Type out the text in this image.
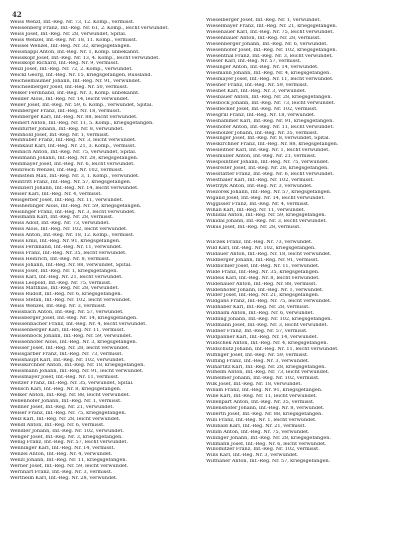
42

Weiss Wenzl, Inf.-Reg. Nr. 73, 12. Komp., vermisst.

Welssenberg Franz, Inf.-Reg. Nr. 61, 2. Komp., leicht verwundet.

Weiss Josef, Inf.-Reg. Nr. 28, verwundet, Spital.

Weiss Wenzel, Inf.-Reg. Nr. 18, 11. Komp., vermisst.

Weissel Wenzel, Inf.-Reg. Nr. 32, kriegsgefangen.

Weisshappl Anton, Inf.-Reg. Nr. 1, Komp. unbekannt.

Weisskopf Josef, Inf.-Reg. Nr. 13, 4. Komp., leicht verwundet.

Weisskopf Richard, Inf.-Reg. Nr. 9, vermisst.

Weizl Josef, Inf.-Reg. Nr. 72, 2. Komp., verwundet.

Weickl Georg, Inf.-Reg. Nr. 15, kriegsgefangen, Russland.

Weichselbaumer Johann, Inf.-Reg. Nr. 91, verwundet.

Weichselberger Josef, Inf.-Reg. Nr. 50, vermisst.

Welker Ferdinand, Inf.-Reg. Nr. 3, Komp. unbekannt.

Weilder Alois, Inf.-Reg. Nr. 14, leicht verwundet.

Weiler Josef, Inf.-Reg. Nr. 59, 6. Komp., verwundet, Spital.

Weinberger Franz, Inf.-Reg. Nr. 18, vermisst.

Weinberger Karl, Inf.-Reg. Nr. 88, leicht verwundet.

Weinert Anton, Inf.-Reg. Nr. 11, 5. Komp., kriegsgefangen.

Weinfurter Johann, Inf.-Reg. Nr. 8, verwundet.

Weinhold Josef, Inf.-Reg. Nr. 1, vermisst.

Weinhuber Franz, Inf.-Reg. Nr. 3, leicht verwundet.

Weinkauf Karl, Inf.-Reg. Nr. 21, 3. Komp., vermisst.

Weinlich Anton, Inf.-Reg. Nr. 75, verwundet, Spital.

Weinmann Johann, Inf.-Reg. Nr. 28, kriegsgefangen.

Weinmayer Josef, Inf.-Reg. Nr. 6, leicht verwundet.

Weinreich Wenzel, Inf.-Reg. Nr. 102, vermisst.

Weinstein Max, Inf.-Reg. Nr. 3, 1. Komp., verwundet.

Weintritt Franz, Inf.-Reg. Nr. 57, kriegsgefangen.

Weinzierl Johann, Inf.-Reg. Nr. 14, leicht verwundet.

Weiser Karl, Inf.-Reg. Nr. 4, vermisst.

Weisgerber Josef, Inf.-Reg. Nr. 11, verwundet.

Weisheitinger Alois, Inf.-Reg. Nr. 59, kriegsgefangen.

Weislinger Franz, Inf.-Reg. Nr. 3, leicht verwundet.

Weismann Karl, Inf.-Reg. Nr. 28, vermisst.

Weiss Adolf, Inf.-Reg. Nr. 73, verwundet.

Weiss Alois, Inf.-Reg. Nr. 102, leicht verwundet.

Weiss Anton, Inf.-Reg. Nr. 18, 12. Komp., vermisst.

Weiss Emil, Inf.-Reg. Nr. 91, kriegsgefangen.

Weiss Ferdinand, Inf.-Reg. Nr. 11, verwundet.

Weiss Franz, Inf.-Reg. Nr. 35, leicht verwundet.

Weiss Heinrich, Inf.-Reg. Nr. 8, vermisst.

Weiss Johann, Inf.-Reg. Nr. 88, verwundet, Spital.

Weiss Josef, Inf.-Reg. Nr. 1, kriegsgefangen.

Weiss Karl, Inf.-Reg. Nr. 21, leicht verwundet.

Weiss Leopold, Inf.-Reg. Nr. 75, vermisst.

Weiss Matthias, Inf.-Reg. Nr. 28, verwundet.

Weiss Rudolf, Inf.-Reg. Nr. 6, kriegsgefangen.

Weiss Stefan, Inf.-Reg. Nr. 102, leicht verwundet.

Weiss Wenzel, Inf.-Reg. Nr. 3, vermisst.

Weissbach Anton, Inf.-Reg. Nr. 57, verwundet.

Weissberger Josef, Inf.-Reg. Nr. 14, kriegsgefangen.

Weissenbacher Franz, Inf.-Reg. Nr. 4, leicht verwundet.

Weissenberger Karl, Inf.-Reg. Nr. 11, vermisst.

Weissenböck Johann, Inf.-Reg. Nr. 59, verwundet.

Weissenhofer Alois, Inf.-Reg. Nr. 3, kriegsgefangen.

Weisser Josef, Inf.-Reg. Nr. 28, leicht verwundet.

Weissgärber Franz, Inf.-Reg. Nr. 73, vermisst.

Weisshaupt Karl, Inf.-Reg. Nr. 102, verwundet.

Weisskirchner Anton, Inf.-Reg. Nr. 18, kriegsgefangen.

Weissmann Johann, Inf.-Reg. Nr. 91, leicht verwundet.

Weissmayer Josef, Inf.-Reg. Nr. 11, vermisst.

Weitzer Franz, Inf.-Reg. Nr. 35, verwundet, Spital.

Welisch Karl, Inf.-Reg. Nr. 8, kriegsgefangen.

Welker Anton, Inf.-Reg. Nr. 88, leicht verwundet.

Wellenhofer Johann, Inf.-Reg. Nr. 1, vermisst.

Wellner Josef, Inf.-Reg. Nr. 21, verwundet.

Welser Franz, Inf.-Reg. Nr. 75, kriegsgefangen.

Welz Karl, Inf.-Reg. Nr. 28, leicht verwundet.

Wendl Anton, Inf.-Reg. Nr. 6, vermisst.

Wendler Johann, Inf.-Reg. Nr. 102, verwundet.

Wenger Josef, Inf.-Reg. Nr. 3, kriegsgefangen.

Wenig Franz, Inf.-Reg. Nr. 57, leicht verwundet.

Wenninger Karl, Inf.-Reg. Nr. 14, vermisst.

Wenzel Anton, Inf.-Reg. Nr. 4, verwundet.

Wenzl Johann, Inf.-Reg. Nr. 11, kriegsgefangen.

Werner Josef, Inf.-Reg. Nr. 59, leicht verwundet.

Wernhart Franz, Inf.-Reg. Nr. 3, vermisst.

Wertheim Karl, Inf.-Reg. Nr. 28, verwundet.

Wieselberger Josef, Inf.-Reg. Nr. 1, verwundet.

Wieselmayer Franz, Inf.-Reg. Nr. 21, kriegsgefangen.

Wiesenauer Karl, Inf.-Reg. Nr. 75, leicht verwundet.

Wiesenbauer Anton, Inf.-Reg. Nr. 28, vermisst.

Wiesenberger Johann, Inf.-Reg. Nr. 6, verwundet.

Wiesenhofer Josef, Inf.-Reg. Nr. 102, kriegsgefangen.

Wiesenthal Franz, Inf.-Reg. Nr. 3, leicht verwundet.

Wieser Karl, Inf.-Reg. Nr. 57, vermisst.

Wiesinger Anton, Inf.-Reg. Nr. 14, verwundet.

Wiesmann Johann, Inf.-Reg. Nr. 4, kriegsgefangen.

Wiesmayer Josef, Inf.-Reg. Nr. 11, leicht verwundet.

Wiesner Franz, Inf.-Reg. Nr. 59, vermisst.

Wiesnet Karl, Inf.-Reg. Nr. 3, verwundet.

Wiesbauer Anton, Inf.-Reg. Nr. 28, kriegsgefangen.

Wiesböck Johann, Inf.-Reg. Nr. 73, leicht verwundet.

Wiesflecker Josef, Inf.-Reg. Nr. 102, vermisst.

Wiesgrill Franz, Inf.-Reg. Nr. 18, verwundet.

Wieshammer Karl, Inf.-Reg. Nr. 91, kriegsgefangen.

Wieshofer Anton, Inf.-Reg. Nr. 11, leicht verwundet.

Wiesholzer Johann, Inf.-Reg. Nr. 35, vermisst.

Wiesinger Josef, Inf.-Reg. Nr. 8, verwundet, Spital.

Wieskirchner Franz, Inf.-Reg. Nr. 88, kriegsgefangen.

Wiesleitner Karl, Inf.-Reg. Nr. 1, leicht verwundet.

Wiesmüller Anton, Inf.-Reg. Nr. 21, vermisst.

Wiespointner Johann, Inf.-Reg. Nr. 75, verwundet.

Wiesreiter Josef, Inf.-Reg. Nr. 28, kriegsgefangen.

Wiesstätter Franz, Inf.-Reg. Nr. 6, leicht verwundet.

Wiesthaler Karl, Inf.-Reg. Nr. 102, vermisst.

Wietrzyk Anton, Inf.-Reg. Nr. 3, verwundet.

Wiezorek Johann, Inf.-Reg. Nr. 57, kriegsgefangen.

Wigand Josef, Inf.-Reg. Nr. 14, leicht verwundet.

Wiggisser Franz, Inf.-Reg. Nr. 4, vermisst.

Wihan Karl, Inf.-Reg. Nr. 11, verwundet.

Wihlidal Anton, Inf.-Reg. Nr. 59, kriegsgefangen.

Wikidal Johann, Inf.-Reg. Nr. 3, leicht verwundet.

Wikus Josef, Inf.-Reg. Nr. 28, vermisst.

Wilczek Franz, Inf.-Reg. Nr. 73, verwundet.

Wild Karl, Inf.-Reg. Nr. 102, kriegsgefangen.

Wildauer Anton, Inf.-Reg. Nr. 18, leicht verwundet.

Wildberger Johann, Inf.-Reg. Nr. 91, vermisst.

Wildbichler Josef, Inf.-Reg. Nr. 11, verwundet.

Wilde Franz, Inf.-Reg. Nr. 35, kriegsgefangen.

Wildeis Karl, Inf.-Reg. Nr. 8, leicht verwundet.

Wildenauer Anton, Inf.-Reg. Nr. 88, vermisst.

Wildenhofer Johann, Inf.-Reg. Nr. 1, verwundet.

Wilder Josef, Inf.-Reg. Nr. 21, kriegsgefangen.

Wildgans Franz, Inf.-Reg. Nr. 75, leicht verwundet.

Wildhaber Karl, Inf.-Reg. Nr. 28, vermisst.

Wildhalm Anton, Inf.-Reg. Nr. 6, verwundet.

Wildling Johann, Inf.-Reg. Nr. 102, kriegsgefangen.

Wildmann Josef, Inf.-Reg. Nr. 3, leicht verwundet.

Wildner Franz, Inf.-Reg. Nr. 57, vermisst.

Wildpanner Karl, Inf.-Reg. Nr. 14, verwundet.

Wildschek Anton, Inf.-Reg. Nr. 4, kriegsgefangen.

Wildschütz Johann, Inf.-Reg. Nr. 11, leicht verwundet.

Wilfinger Josef, Inf.-Reg. Nr. 59, vermisst.

Wilfling Franz, Inf.-Reg. Nr. 3, verwundet.

Wilhartitz Karl, Inf.-Reg. Nr. 28, kriegsgefangen.

Wilhelm Anton, Inf.-Reg. Nr. 73, leicht verwundet.

Wilhelmer Johann, Inf.-Reg. Nr. 102, vermisst.

Wilk Josef, Inf.-Reg. Nr. 18, verwundet.

Willam Franz, Inf.-Reg. Nr. 91, kriegsgefangen.

Wille Karl, Inf.-Reg. Nr. 11, leicht verwundet.

Willenpart Anton, Inf.-Reg. Nr. 35, vermisst.

Willenshofer Johann, Inf.-Reg. Nr. 8, verwundet.

Willerth Josef, Inf.-Reg. Nr. 88, kriegsgefangen.

Willi Franz, Inf.-Reg. Nr. 1, leicht verwundet.

Willibald Karl, Inf.-Reg. Nr. 21, vermisst.

Willim Anton, Inf.-Reg. Nr. 75, verwundet.

Willinger Johann, Inf.-Reg. Nr. 28, kriegsgefangen.

Willmann Josef, Inf.-Reg. Nr. 6, leicht verwundet.

Willomitzer Franz, Inf.-Reg. Nr. 102, vermisst.

Wills Karl, Inf.-Reg. Nr. 3, verwundet.

Wilthaner Anton, Inf.-Reg. Nr. 57, kriegsgefangen.
